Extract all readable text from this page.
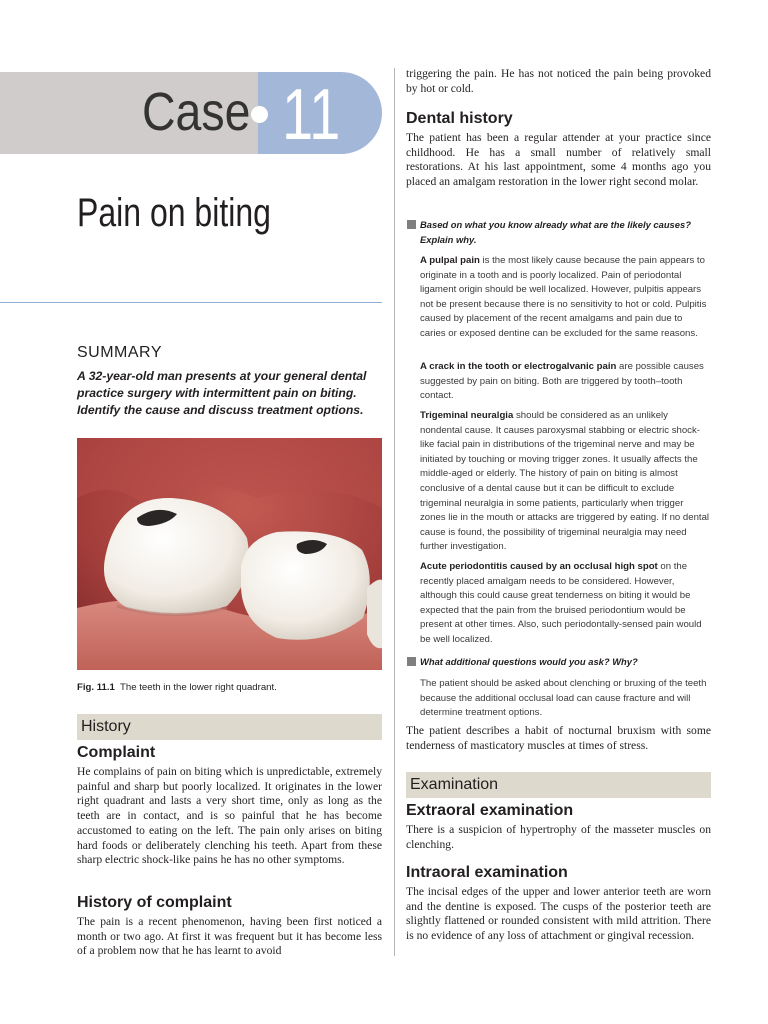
Case 11
Pain on biting
SUMMARY

A 32-year-old man presents at your general dental practice surgery with intermittent pain on biting. Identify the cause and discuss treatment options.

Fig. 11.1 The teeth in the lower right quadrant.

History
Complaint

He complains of pain on biting which is unpredictable, extremely painful and sharp but poorly localized. It originates in the lower right quadrant and lasts a very short time, only as long as the teeth are in contact, and is so painful that he has become accustomed to eating on the left. The pain only arises on biting hard foods or deliberately clenching his teeth. Apart from these sharp electric shock-like pains he has no other symptoms.

History of complaint

The pain is a recent phenomenon, having been first noticed a month or two ago. At first it was frequent but it has become less of a problem now that he has learnt to avoid

triggering the pain. He has not noticed the pain being provoked by hot or cold.

Dental history

The patient has been a regular attender at your practice since childhood. He has a small number of relatively small restorations. At his last appointment, some 4 months ago you placed an amalgam restoration in the lower right second molar.

Based on what you know already what are the likely causes? Explain why.

A pulpal pain is the most likely cause because the pain appears to originate in a tooth and is poorly localized. Pain of periodontal ligament origin should be well localized. However, pulpitis appears not be present because there is no sensitivity to hot or cold. Pulpitis caused by placement of the recent amalgams and pain due to caries or exposed dentine can be excluded for the same reasons.

A crack in the tooth or electrogalvanic pain are possible causes suggested by pain on biting. Both are triggered by tooth–tooth contact.

Trigeminal neuralgia should be considered as an unlikely nondental cause. It causes paroxysmal stabbing or electric shock-like facial pain in distributions of the trigeminal nerve and may be initiated by touching or moving trigger zones. It usually affects the middle-aged or elderly. The history of pain on biting is almost conclusive of a dental cause but it can be difficult to exclude trigeminal neuralgia in some patients, particularly when trigger zones lie in the mouth or attacks are triggered by eating. If no dental cause is found, the possibility of trigeminal neuralgia may need further investigation.

Acute periodontitis caused by an occlusal high spot on the recently placed amalgam needs to be considered. However, although this could cause great tenderness on biting it would be expected that the pain from the bruised periodontium would be present at other times. Also, such periodontally-sensed pain would be well localized.

What additional questions would you ask? Why?

The patient should be asked about clenching or bruxing of the teeth because the additional occlusal load can cause fracture and will determine treatment options.

The patient describes a habit of nocturnal bruxism with some tenderness of masticatory muscles at times of stress.

Examination
Extraoral examination

There is a suspicion of hypertrophy of the masseter muscles on clenching.

Intraoral examination

The incisal edges of the upper and lower anterior teeth are worn and the dentine is exposed. The cusps of the posterior teeth are slightly flattened or rounded consistent with mild attrition. There is no evidence of any loss of attachment or gingival recession.
